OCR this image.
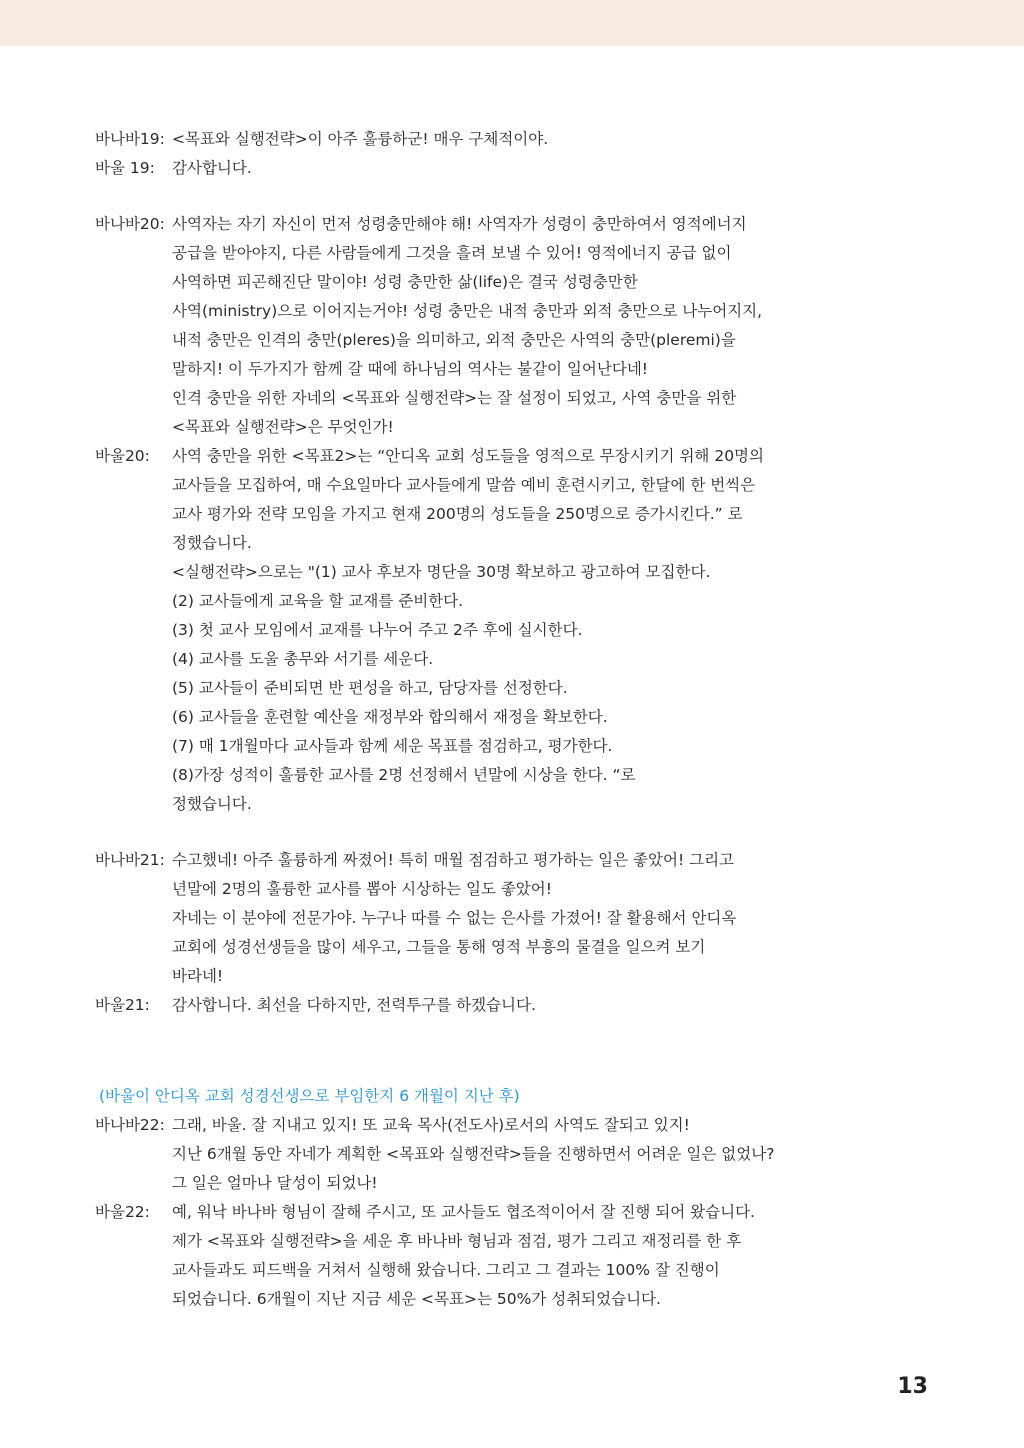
바나바19: <목표와 실행전략>이 아주 훌륭하군! 매우 구체적이야.
바울 19:	감사합니다.
바나바20: 사역자는 자기 자신이 먼저 성령충만해야 해! 사역자가 성령이 충만하여서 영적에너지
공급을 받아야지, 다른 사람들에게 그것을 흘려 보낼 수 있어! 영적에너지 공급 없이
사역하면 피곤해진단 말이야! 성령 충만한 삶(life)은 결국 성령충만한
사역(ministry)으로 이어지는거야! 성령 충만은 내적 충만과 외적 충만으로 나누어지지,
내적 충만은 인격의 충만(pleres)을 의미하고, 외적 충만은 사역의 충만(pleremi)을
말하지! 이 두가지가 함께 갈 때에 하나님의 역사는 불같이 일어난다네!
인격 충만을 위한 자네의 <목표와 실행전략>는 잘 설정이 되었고, 사역 충만을 위한
<목표와 실행전략>은 무엇인가!
바울20:	사역 충만을 위한 <목표2>는 “안디옥 교회 성도들을 영적으로 무장시키기 위해 20명의
교사들을 모집하여, 매 수요일마다 교사들에게 말씀 예비 훈련시키고, 한달에 한 번씩은
교사 평가와 전략 모임을 가지고 현재 200명의 성도들을 250명으로 증가시킨다.” 로
정했습니다.
<실행전략>으로는 "(1) 교사 후보자 명단을 30명 확보하고 광고하여 모집한다.
(2) 교사들에게 교육을 할 교재를 준비한다.
(3) 첫 교사 모임에서 교재를 나누어 주고 2주 후에 실시한다.
(4) 교사를 도울 총무와 서기를 세운다.
(5) 교사들이 준비되면 반 편성을 하고, 담당자를 선정한다.
(6) 교사들을 훈련할 예산을 재정부와 합의해서 재정을 확보한다.
(7) 매 1개월마다 교사들과 함께 세운 목표를 점검하고, 평가한다.
(8)가장 성적이 훌륭한 교사를 2명 선정해서 년말에 시상을 한다. “로
정했습니다.
바나바21: 수고했네! 아주 훌륭하게 짜졌어! 특히 매월 점검하고 평가하는 일은 좋았어! 그리고
년말에 2명의 훌륭한 교사를 뽑아 시상하는 일도 좋았어!
자네는 이 분야에 전문가야. 누구나 따를 수 없는 은사를 가졌어! 잘 활용해서 안디옥
교회에 성경선생들을 많이 세우고, 그들을 통해 영적 부흥의 물결을 일으켜 보기
바라네!
바울21:	감사합니다. 최선을 다하지만, 전력투구를 하겠습니다.
(바울이 안디옥 교회 성경선생으로 부임한지 6 개월이 지난 후)
바나바22: 그래, 바울. 잘 지내고 있지! 또 교육 목사(전도사)로서의 사역도 잘되고 있지!
지난 6개월 동안 자네가 계획한 <목표와 실행전략>들을 진행하면서 어려운 일은 없었나?
그 일은 얼마나 달성이 되었나!
바울22:	예, 워낙 바나바 형님이 잘해 주시고, 또 교사들도 협조적이어서 잘 진행 되어 왔습니다.
제가 <목표와 실행전략>을 세운 후 바나바 형님과 점검, 평가 그리고 재정리를 한 후
교사들과도 피드백을 거쳐서 실행해 왔습니다. 그리고 그 결과는 100% 잘 진행이
되었습니다. 6개월이 지난 지금 세운 <목표>는 50%가 성취되었습니다.
13
